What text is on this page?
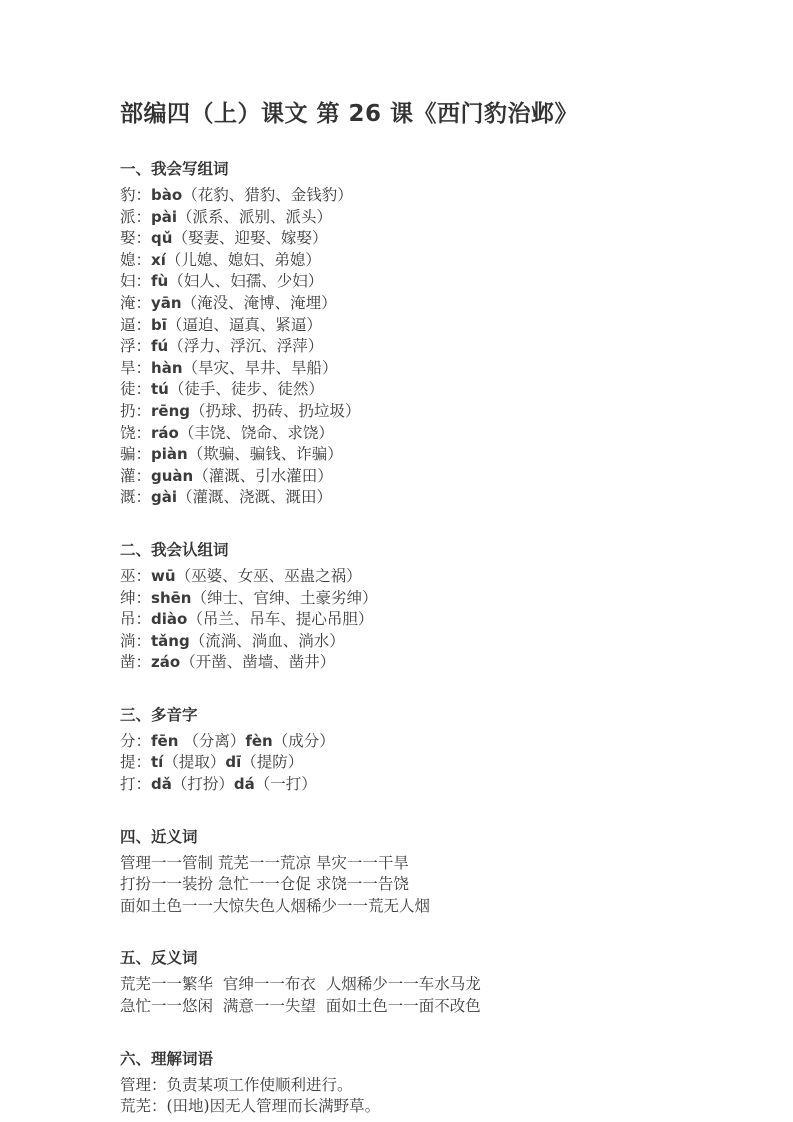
部编四（上）课文 第 26 课《西门豹治邺》
一、我会写组词
豹：bào（花豹、猎豹、金钱豹）
派：pài（派系、派别、派头）
娶：qǔ（娶妻、迎娶、嫁娶）
媳：xí（儿媳、媳妇、弟媳）
妇：fù（妇人、妇孺、少妇）
淹：yān（淹没、淹博、淹埋）
逼：bī（逼迫、逼真、紧逼）
浮：fú（浮力、浮沉、浮萍）
旱：hàn（旱灾、旱井、旱船）
徒：tú（徒手、徒步、徒然）
扔：rēng（扔球、扔砖、扔垃圾）
饶：ráo（丰饶、饶命、求饶）
骗：piàn（欺骗、骗钱、诈骗）
灌：guàn（灌溉、引水灌田）
溉：gài（灌溉、浇溉、溉田）
二、我会认组词
巫：wū（巫婆、女巫、巫蛊之祸）
绅：shēn（绅士、官绅、土豪劣绅）
吊：diào（吊兰、吊车、提心吊胆）
淌：tǎng（流淌、淌血、淌水）
凿：záo（开凿、凿墙、凿井）
三、多音字
分：fēn （分离）fèn（成分）
提：tí（提取）dī（提防）
打：dǎ（打扮）dá（一打）
四、近义词
管理一一管制 荒芜一一荒凉 旱灾一一干旱
打扮一一装扮 急忙一一仓促 求饶一一告饶
面如土色一一大惊失色人烟稀少一一荒无人烟
五、反义词
荒芜一一繁华  官绅一一布衣  人烟稀少一一车水马龙
急忙一一悠闲  满意一一失望  面如土色一一面不改色
六、理解词语
管理：负责某项工作使顺利进行。
荒芜：(田地)因无人管理而长满野草。
